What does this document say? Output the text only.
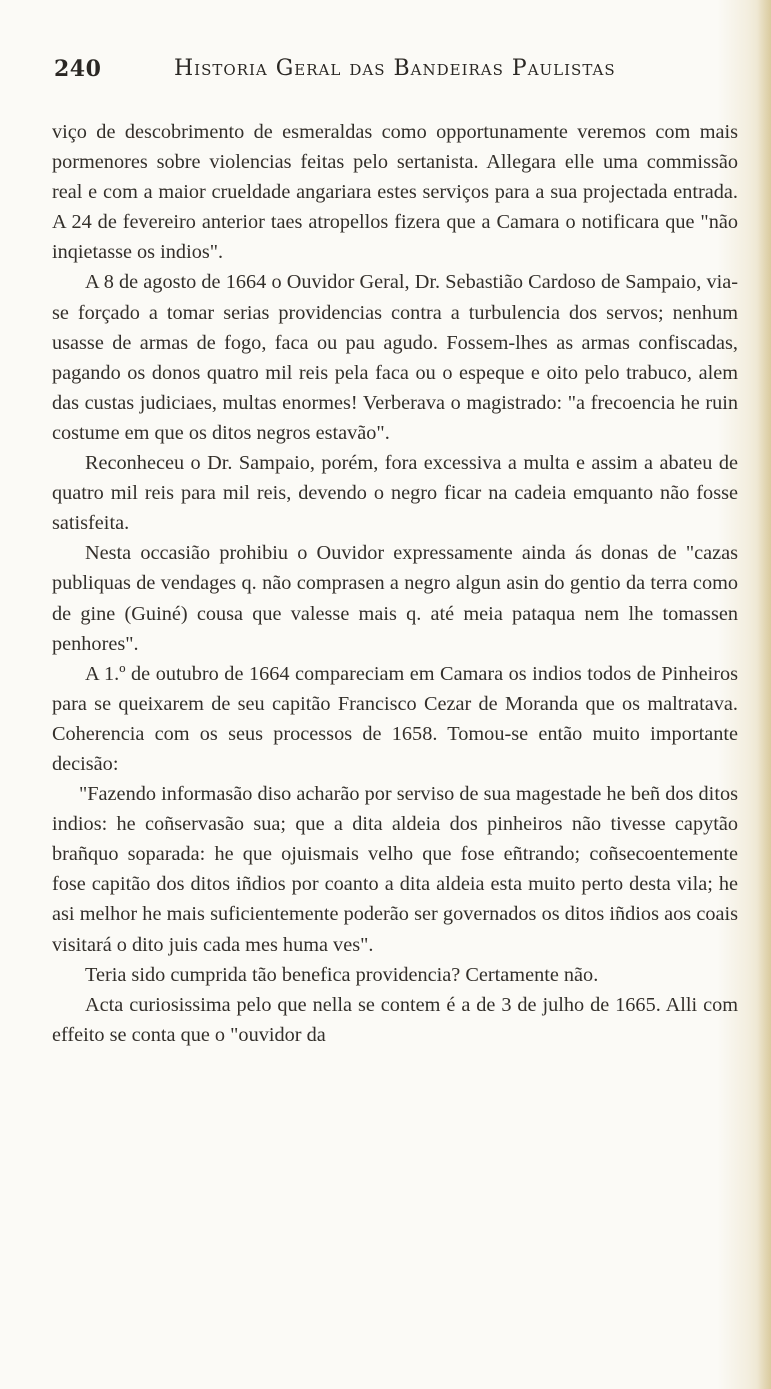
240	Historia Geral das Bandeiras Paulistas

viço de descobrimento de esmeraldas como opportunamente veremos com mais pormenores sobre violencias feitas pelo sertanista. Allegara elle uma commissão real e com a maior crueldade angariara estes serviços para a sua projectada entrada. A 24 de fevereiro anterior taes atropellos fizera que a Camara o notificara que "não inqietasse os indios".

A 8 de agosto de 1664 o Ouvidor Geral, Dr. Sebastião Cardoso de Sampaio, via-se forçado a tomar serias providencias contra a turbulencia dos servos; nenhum usasse de armas de fogo, faca ou pau agudo. Fossem-lhes as armas confiscadas, pagando os donos quatro mil reis pela faca ou o espeque e oito pelo trabuco, alem das custas judiciaes, multas enormes! Verberava o magistrado: "a frecoencia he ruin costume em que os ditos negros estavão".

Reconheceu o Dr. Sampaio, porém, fora excessiva a multa e assim a abateu de quatro mil reis para mil reis, devendo o negro ficar na cadeia emquanto não fosse satisfeita.

Nesta occasião prohibiu o Ouvidor expressamente ainda ás donas de "cazas publiquas de vendages q. não comprasen a negro algun asin do gentio da terra como de gine (Guiné) cousa que valesse mais q. até meia pataqua nem lhe tomassen penhores".

A 1.º de outubro de 1664 compareciam em Camara os indios todos de Pinheiros para se queixarem de seu capitão Francisco Cezar de Moranda que os maltratava. Coherencia com os seus processos de 1658. Tomou-se então muito importante decisão:

"Fazendo informasão diso acharão por serviso de sua magestade he beñ dos ditos indios: he coñservasão sua; que a dita aldeia dos pinheiros não tivesse capytão brañquo soparada: he que ojuismais velho que fose eñtrando; coñsecoentemente fose capitão dos ditos iñdios por coanto a dita aldeia esta muito perto desta vila; he asi melhor he mais suficientemente poderão ser governados os ditos iñdios aos coais visitará o dito juis cada mes huma ves".

Teria sido cumprida tão benefica providencia? Certamente não.

Acta curiosissima pelo que nella se contem é a de 3 de julho de 1665. Alli com effeito se conta que o "ouvidor da
